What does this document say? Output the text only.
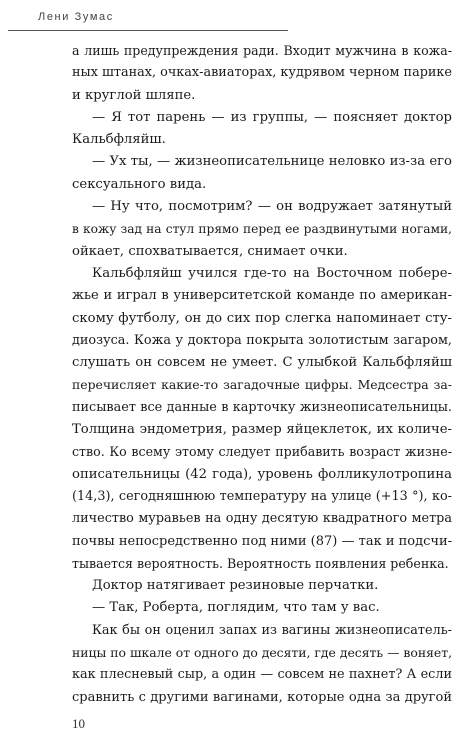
Лени Зумас
а лишь предупреждения ради. Входит мужчина в кожа-
ных штанах, очках-авиаторах, кудрявом черном парике
и круглой шляпе.
— Я тот парень — из группы, — поясняет доктор
Кальбфляйш.
— Ух ты, — жизнеописательнице неловко из-за его
сексуального вида.
— Ну что, посмотрим? — он водружает затянутый
в кожу зад на стул прямо перед ее раздвинутыми ногами,
ойкает, спохватывается, снимает очки.
Кальбфляйш учился где-то на Восточном побере-
жье и играл в университетской команде по американ-
скому футболу, он до сих пор слегка напоминает сту-
диозуса. Кожа у доктора покрыта золотистым загаром,
слушать он совсем не умеет. С улыбкой Кальбфляйш
перечисляет какие-то загадочные цифры. Медсестра за-
писывает все данные в карточку жизнеописательницы.
Толщина эндометрия, размер яйцеклеток, их количе-
ство. Ко всему этому следует прибавить возраст жизне-
описательницы (42 года), уровень фолликулотропина
(14,3), сегодняшнюю температуру на улице (+13 °), ко-
личество муравьев на одну десятую квадратного метра
почвы непосредственно под ними (87) — так и подсчи-
тывается вероятность. Вероятность появления ребенка.
Доктор натягивает резиновые перчатки.
— Так, Роберта, поглядим, что там у вас.
Как бы он оценил запах из вагины жизнеописатель-
ницы по шкале от одного до десяти, где десять — воняет,
как плесневый сыр, а один — совсем не пахнет? А если
сравнить с другими вагинами, которые одна за другой
10
